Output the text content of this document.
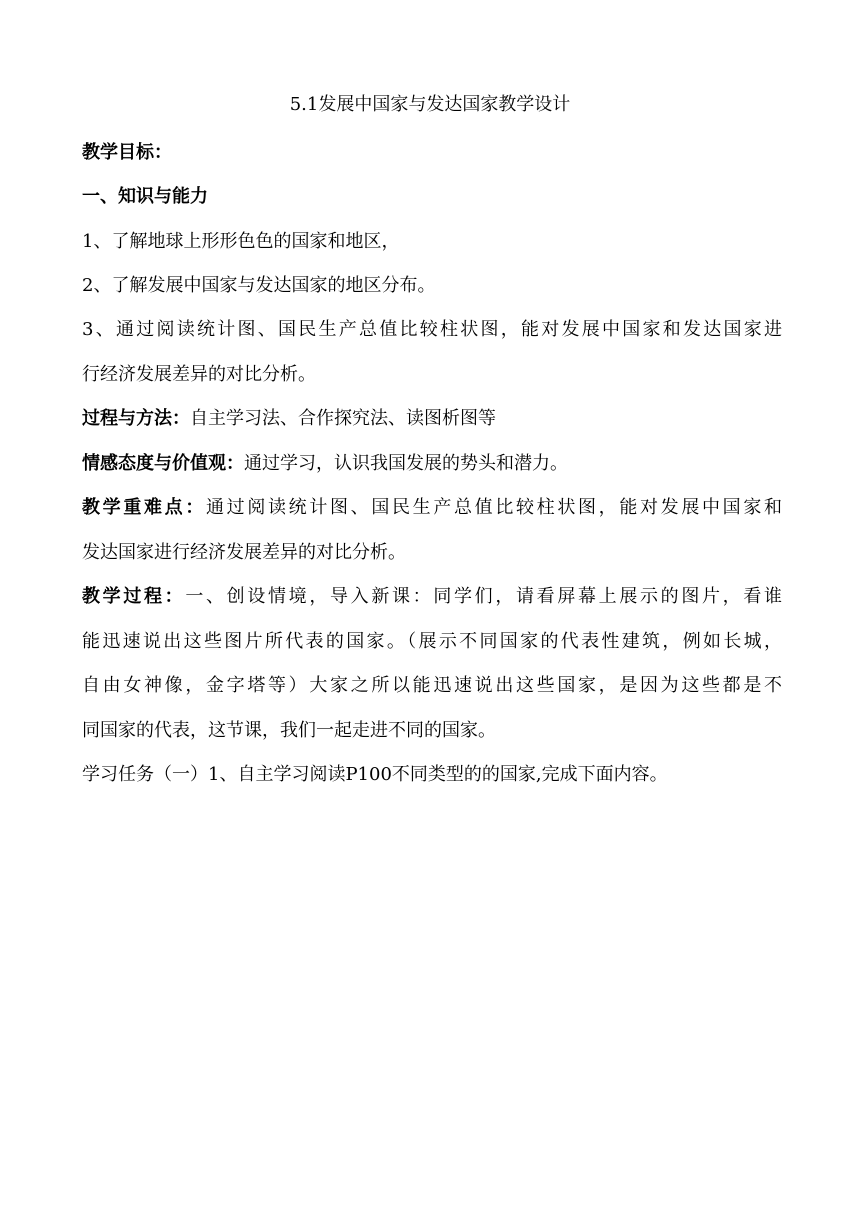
5.1发展中国家与发达国家教学设计
教学目标：
一、知识与能力
1、了解地球上形形色色的国家和地区，
2、了解发展中国家与发达国家的地区分布。
3、通过阅读统计图、国民生产总值比较柱状图，能对发展中国家和发达国家进
行经济发展差异的对比分析。
过程与方法：自主学习法、合作探究法、读图析图等
情感态度与价值观：通过学习，认识我国发展的势头和潜力。
教学重难点：通过阅读统计图、国民生产总值比较柱状图，能对发展中国家和
发达国家进行经济发展差异的对比分析。
教学过程：一、创设情境，导入新课：同学们，请看屏幕上展示的图片，看谁
能迅速说出这些图片所代表的国家。（展示不同国家的代表性建筑，例如长城，
自由女神像，金字塔等）大家之所以能迅速说出这些国家，是因为这些都是不
同国家的代表，这节课，我们一起走进不同的国家。
学习任务（一）1、自主学习阅读P100不同类型的的国家,完成下面内容。
